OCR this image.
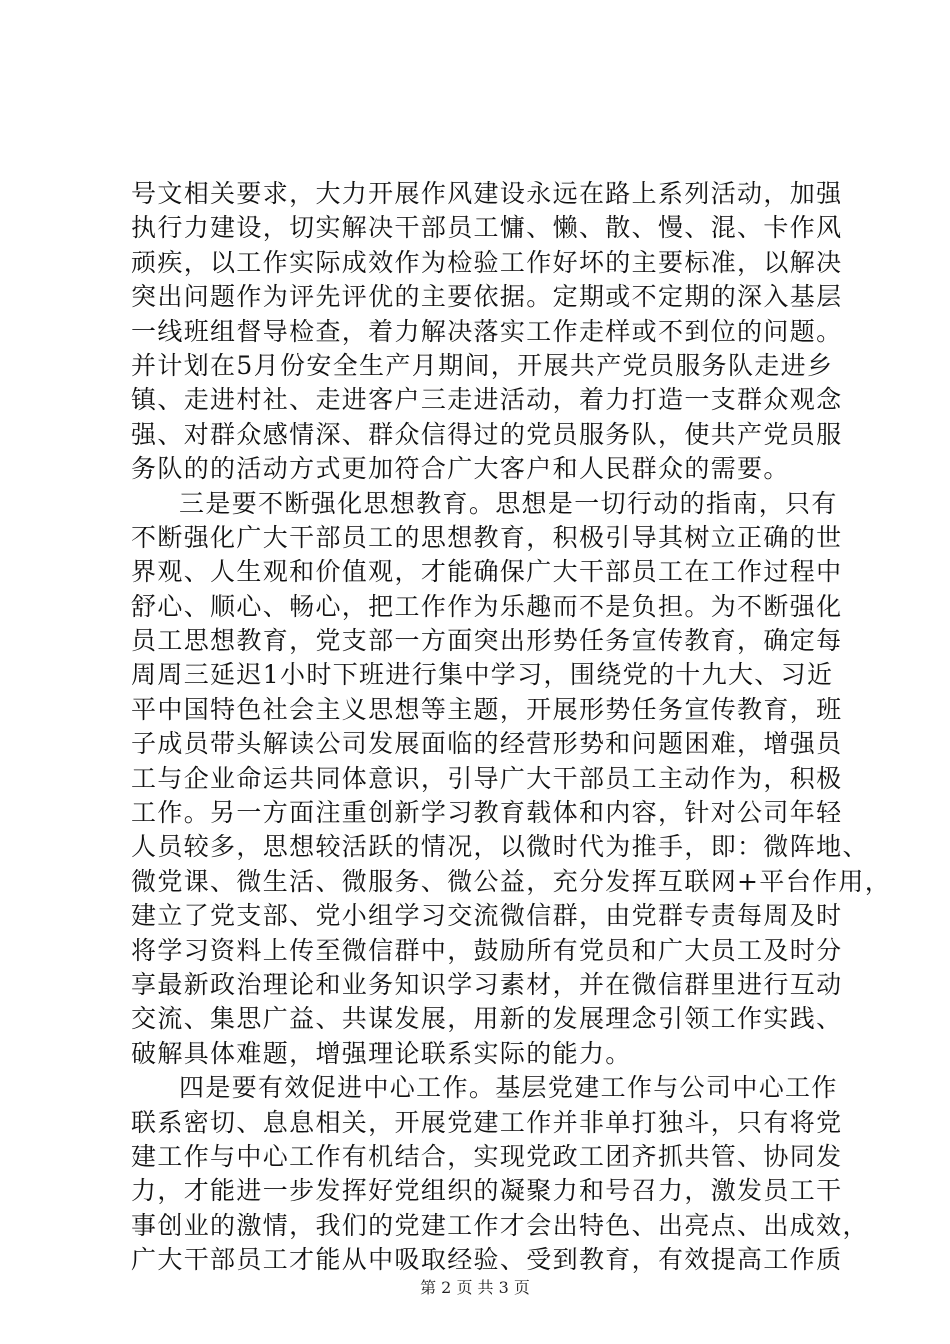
号文相关要求，大力开展作风建设永远在路上系列活动，加强
执行力建设，切实解决干部员工慵、懒、散、慢、混、卡作风
顽疾，以工作实际成效作为检验工作好坏的主要标准，以解决
突出问题作为评先评优的主要依据。定期或不定期的深入基层
一线班组督导检查，着力解决落实工作走样或不到位的问题。
并计划在5月份安全生产月期间，开展共产党员服务队走进乡
镇、走进村社、走进客户三走进活动，着力打造一支群众观念
强、对群众感情深、群众信得过的党员服务队，使共产党员服
务队的的活动方式更加符合广大客户和人民群众的需要。
三是要不断强化思想教育。思想是一切行动的指南，只有
不断强化广大干部员工的思想教育，积极引导其树立正确的世
界观、人生观和价值观，才能确保广大干部员工在工作过程中
舒心、顺心、畅心，把工作作为乐趣而不是负担。为不断强化
员工思想教育，党支部一方面突出形势任务宣传教育，确定每
周周三延迟1小时下班进行集中学习，围绕党的十九大、习近
平中国特色社会主义思想等主题，开展形势任务宣传教育，班
子成员带头解读公司发展面临的经营形势和问题困难，增强员
工与企业命运共同体意识，引导广大干部员工主动作为，积极
工作。另一方面注重创新学习教育载体和内容，针对公司年轻
人员较多，思想较活跃的情况，以微时代为推手，即：微阵地、
微党课、微生活、微服务、微公益，充分发挥互联网+平台作用，
建立了党支部、党小组学习交流微信群，由党群专责每周及时
将学习资料上传至微信群中，鼓励所有党员和广大员工及时分
享最新政治理论和业务知识学习素材，并在微信群里进行互动
交流、集思广益、共谋发展，用新的发展理念引领工作实践、
破解具体难题，增强理论联系实际的能力。
四是要有效促进中心工作。基层党建工作与公司中心工作
联系密切、息息相关，开展党建工作并非单打独斗，只有将党
建工作与中心工作有机结合，实现党政工团齐抓共管、协同发
力，才能进一步发挥好党组织的凝聚力和号召力，激发员工干
事创业的激情，我们的党建工作才会出特色、出亮点、出成效，
广大干部员工才能从中吸取经验、受到教育，有效提高工作质
第 2 页 共 3 页
